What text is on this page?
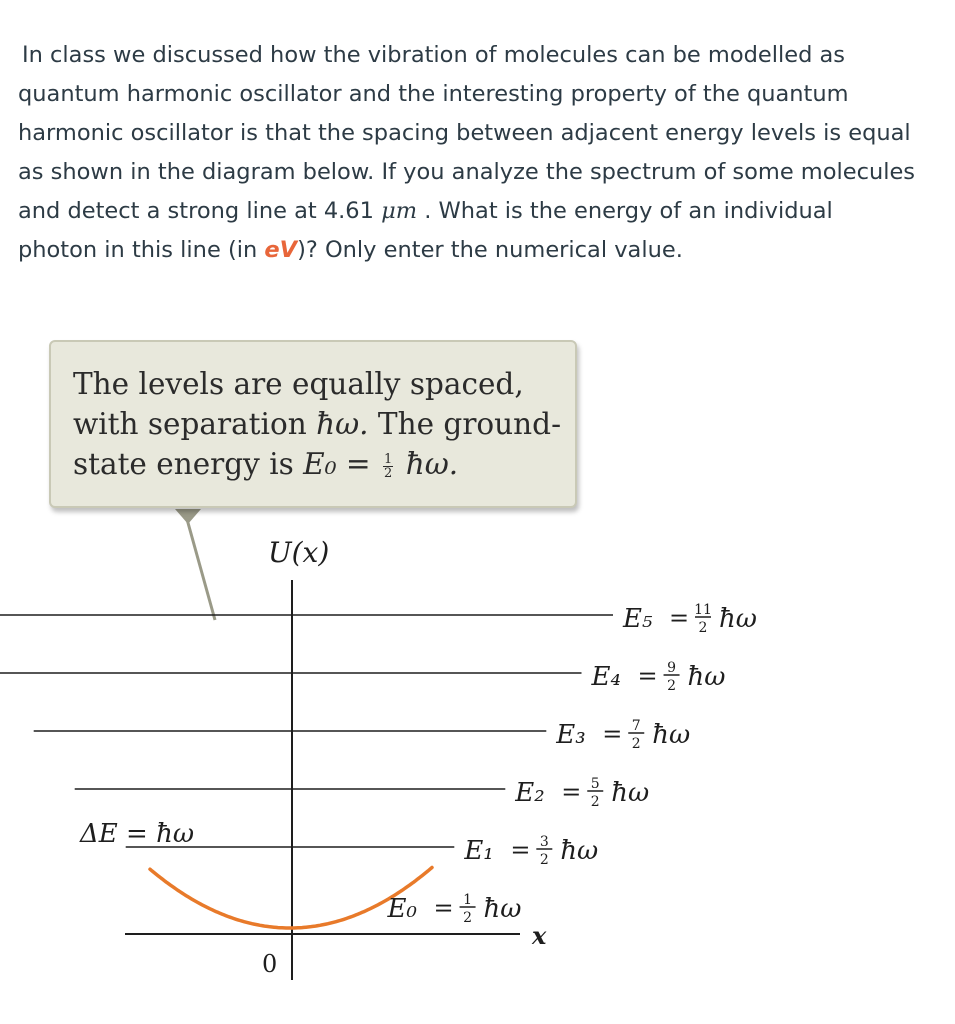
In class we discussed how the vibration of molecules can be modelled as
quantum harmonic oscillator and the interesting property of the quantum
harmonic oscillator is that the spacing between adjacent energy levels is equal
as shown in the diagram below. If you analyze the spectrum of some molecules
and detect a strong line at 4.61 μm . What is the energy of an individual
photon in this line (in eV)? Only enter the numerical value.
U(x)
x
0
ΔE = ħω
E₀ = 1
2 ħω
E₁ = 3
2 ħω
E₂ = 5
2 ħω
E₃ = 7
2 ħω
E₄ = 9
2 ħω
E₅ = 11
2 ħω
The levels are equally spaced,
with separation ħω. The ground-
state energy is $E_0 = \frac{1}{2}$ ħω.
